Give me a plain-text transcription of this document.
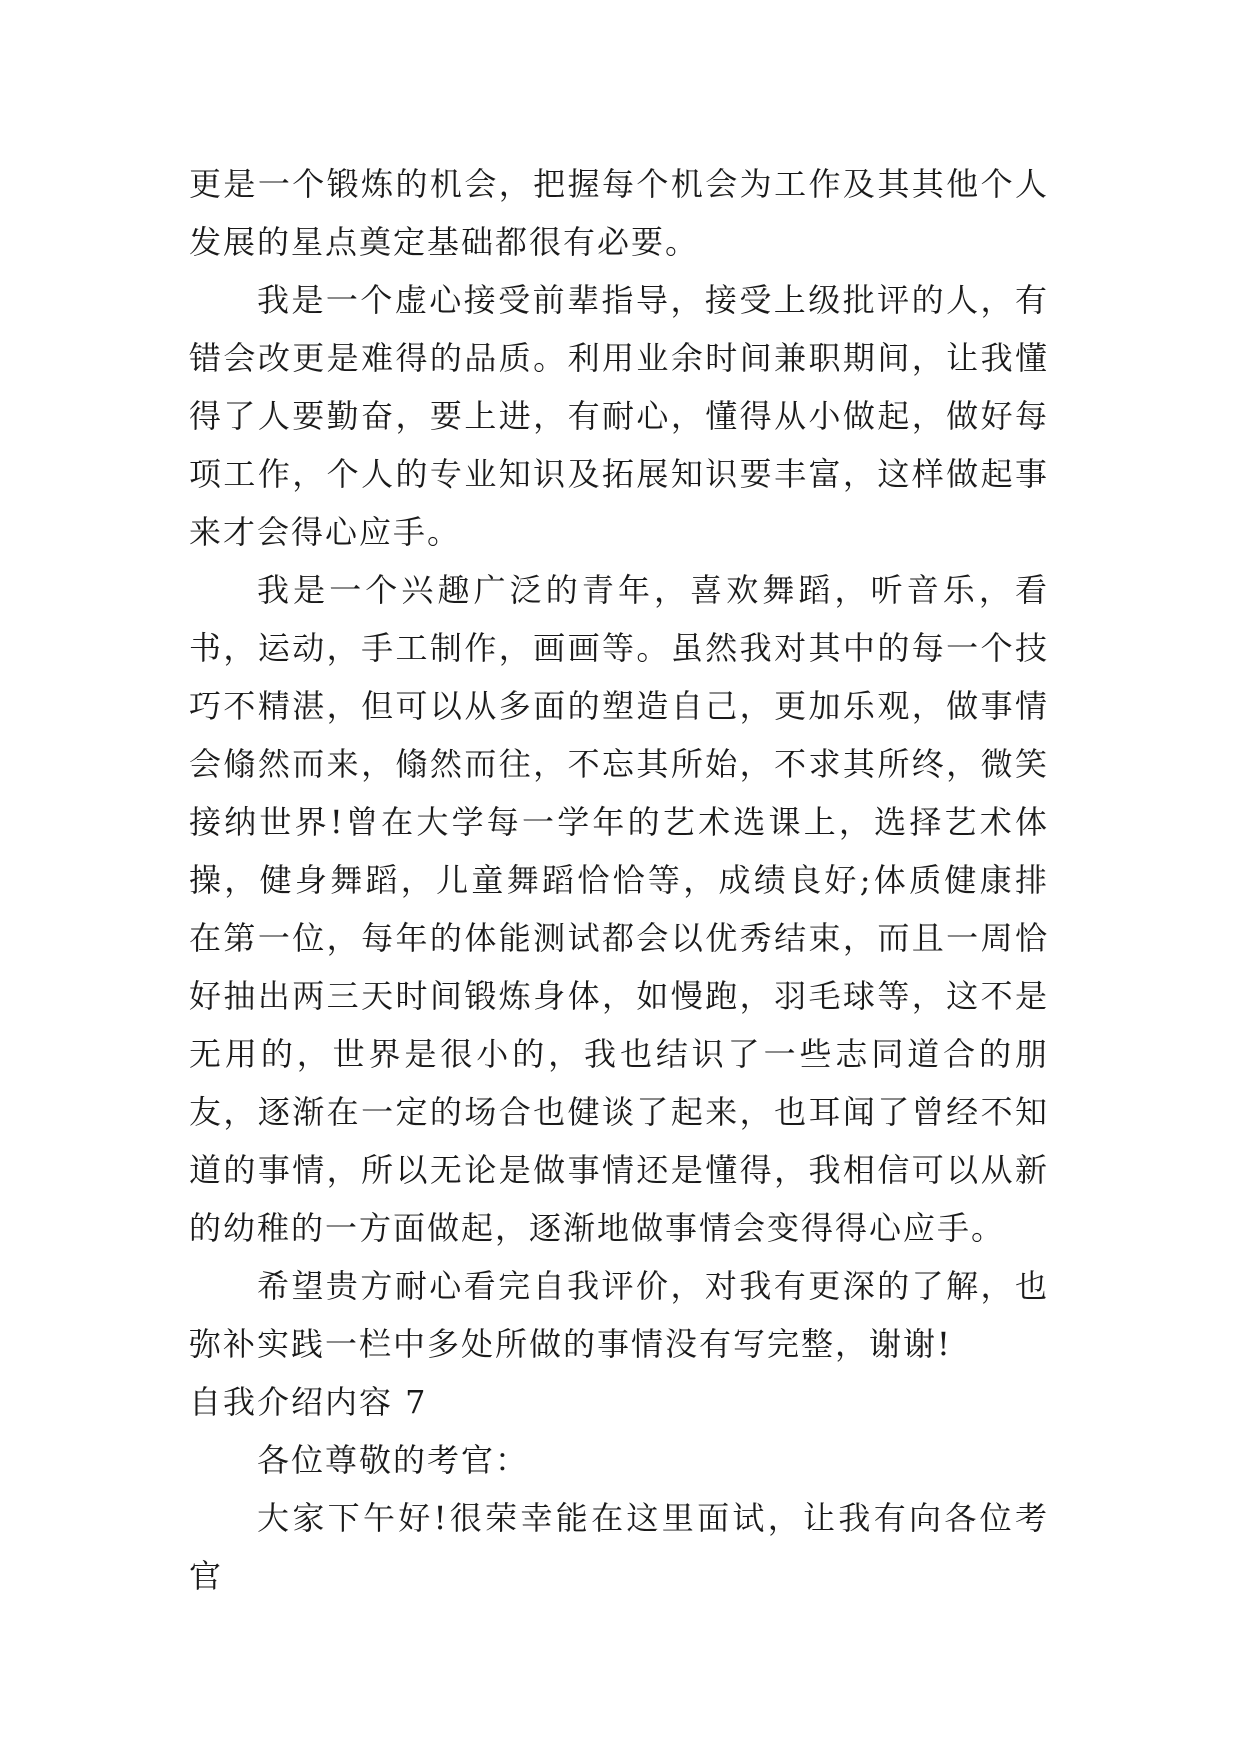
更是一个锻炼的机会，把握每个机会为工作及其其他个人发展的星点奠定基础都很有必要。

我是一个虚心接受前辈指导，接受上级批评的人，有错会改更是难得的品质。利用业余时间兼职期间，让我懂得了人要勤奋，要上进，有耐心，懂得从小做起，做好每项工作，个人的专业知识及拓展知识要丰富，这样做起事来才会得心应手。

我是一个兴趣广泛的青年，喜欢舞蹈，听音乐，看书，运动，手工制作，画画等。虽然我对其中的每一个技巧不精湛，但可以从多面的塑造自己，更加乐观，做事情会翛然而来，翛然而往，不忘其所始，不求其所终，微笑接纳世界!曾在大学每一学年的艺术选课上，选择艺术体操，健身舞蹈，儿童舞蹈恰恰等，成绩良好;体质健康排在第一位，每年的体能测试都会以优秀结束，而且一周恰好抽出两三天时间锻炼身体，如慢跑，羽毛球等，这不是无用的，世界是很小的，我也结识了一些志同道合的朋友，逐渐在一定的场合也健谈了起来，也耳闻了曾经不知道的事情，所以无论是做事情还是懂得，我相信可以从新的幼稚的一方面做起，逐渐地做事情会变得得心应手。

希望贵方耐心看完自我评价，对我有更深的了解，也弥补实践一栏中多处所做的事情没有写完整，谢谢!

自我介绍内容 7

各位尊敬的考官：

大家下午好!很荣幸能在这里面试，让我有向各位考官
